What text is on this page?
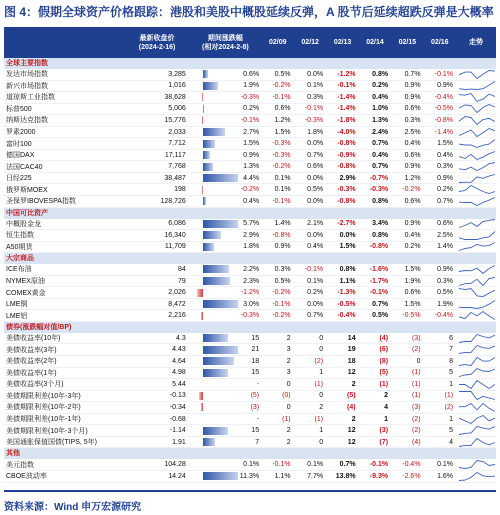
图 4：假期全球资产价格跟踪：港股和美股中概股延续反弹，A 股节后延续超跌反弹是大概率
最新收盘价
(2024-2-16)
期间涨跌幅
(相对2024-2-8)
02/09	02/12	02/13	02/14	02/15	02/16	走势
全球主要指数
发达市场指数	3,285	0.6%	0.5%	0.0%	-1.2%	0.8%	0.7%	-0.1%
新兴市场指数	1,016	1.9%	-0.2%	0.1%	-0.1%	0.2%	0.9%	0.9%
道琼斯工业指数	38,628	-0.3%	-0.1%	0.3%	-1.4%	0.4%	0.9%	-0.4%
标普500	5,006	0.2%	0.6%	-0.1%	-1.4%	1.0%	0.6%	-0.5%
纳斯达克指数	15,776	-0.1%	1.2%	-0.3%	-1.8%	1.3%	0.3%	-0.8%
罗素2000	2,033	2.7%	1.5%	1.8%	-4.0%	2.4%	2.5%	-1.4%
富时100	7,712	1.5%	-0.3%	0.0%	-0.8%	0.7%	0.4%	1.5%
德国DAX	17,117	0.9%	-0.3%	0.7%	-0.9%	0.4%	0.6%	0.4%
法国CAC40	7,768	1.3%	-0.2%	0.6%	-0.8%	0.7%	0.9%	0.3%
日经225	38,487	4.4%	0.1%	0.0%	2.9%	-0.7%	1.2%	0.9%
俄罗斯MOEX	198	-0.2%	0.1%	0.5%	-0.3%	-0.3%	-0.2%	0.2%
圣保罗IBOVESPA指数	128,726	0.4%	-0.1%	0.0%	-0.8%	0.8%	0.6%	0.7%
中国可比资产
中概股金龙	6,086	5.7%	1.4%	2.1%	-2.7%	3.4%	0.9%	0.6%
恒生指数	16,340	2.9%	-0.8%	0.0%	0.0%	0.8%	0.4%	2.5%
A50期货	11,709	1.8%	0.9%	0.4%	1.5%	-0.8%	0.2%	1.4%
大宗商品
ICE布油	84	2.2%	0.3%	-0.1%	0.8%	-1.6%	1.5%	0.9%
NYMEX原油	79	2.3%	0.5%	0.1%	1.1%	-1.7%	1.9%	0.3%
COMEX黄金	2,026	-1.2%	-0.2%	0.2%	-1.3%	-0.1%	0.6%	0.5%
LME铜	8,472	3.0%	-0.1%	0.0%	-0.5%	0.7%	1.5%	1.9%
LME铝	2,216	-0.3%	-0.2%	0.7%	-0.4%	0.5%	-0.5%	-0.4%
债券(涨跌幅对值/BP)
美债收益率(10年)	4.3	15	2	0	14	(4)	(3)	6
美债收益率(3年)	4.43	21	3	0	19	(6)	(2)	7
美债收益率(2年)	4.64	18	2	(2)	18	(8)	0	8
美债收益率(1年)	4.98	15	3	1	12	(5)	(1)	5
美债收益率(3个月)	5.44	-	0	(1)	2	(1)	(1)	1
美债期限利差(10年-3年)	-0.13	(5)	(0)	0	(5)	2	(1)	(1)
美债期限利差(10年-2年)	-0.34	(3)	0	2	(4)	4	(3)	(2)
美债期限利差(10年-1年)	-0.68	-	(1)	(1)	2	1	(2)	1
美债期限利差(10年-3个月)	-1.14	15	2	1	12	(3)	(2)	5
美国通胀保值国债(TIPS, 5年)	1.91	7	2	0	12	(7)	(4)	4
其他
美元指数	104.28	0.1%	-0.1%	0.1%	0.7%	-0.1%	-0.4%	0.1%
CBOE波动率	14.24	11.3%	1.1%	7.7%	13.8%	-9.3%	-2.6%	1.6%
资料来源：Wind 申万宏源研究
